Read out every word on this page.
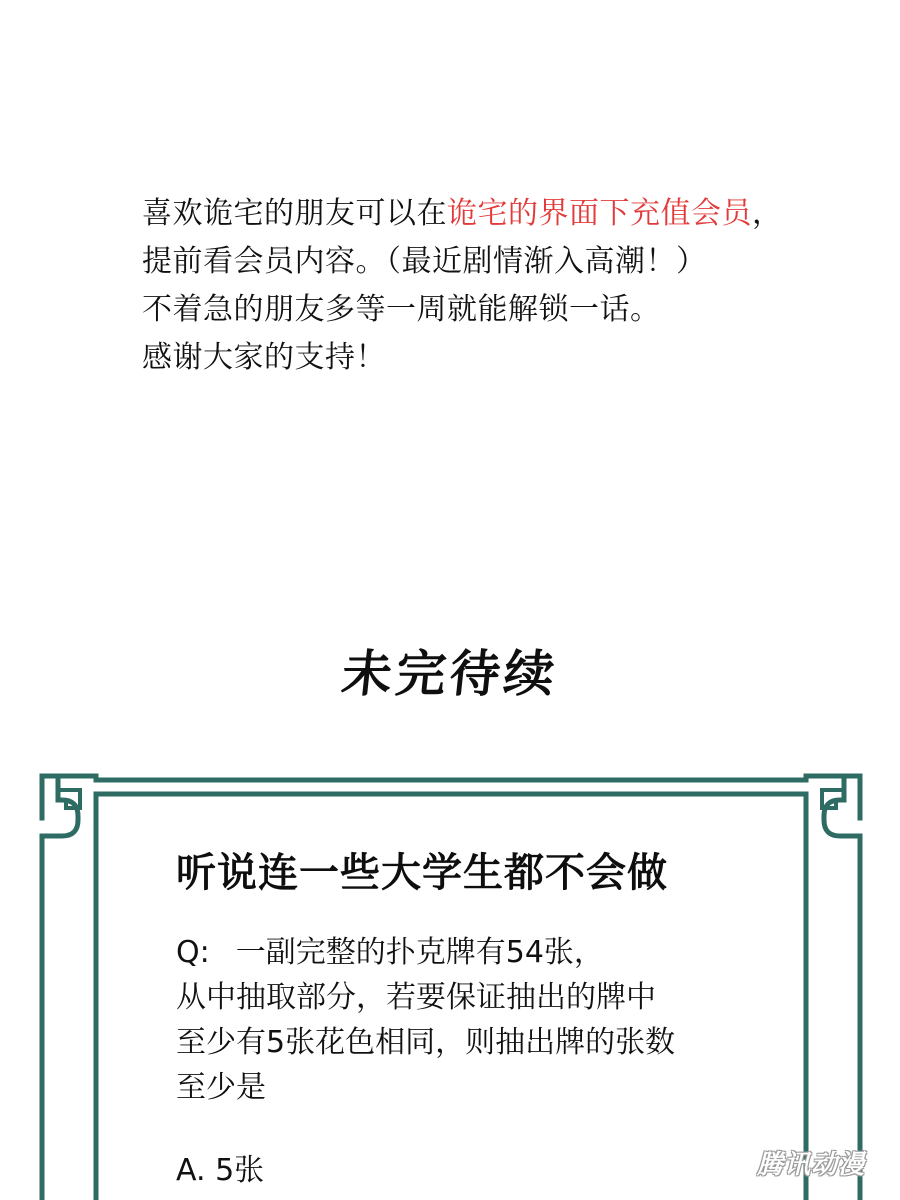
喜欢诡宅的朋友可以在诡宅的界面下充值会员，
提前看会员内容。（最近剧情渐入高潮！）
不着急的朋友多等一周就能解锁一话。
感谢大家的支持！
未完待续
听说连一些大学生都不会做
Q: 一副完整的扑克牌有54张，
从中抽取部分，若要保证抽出的牌中
至少有5张花色相同，则抽出牌的张数
至少是
A. 5张	腾讯动漫
